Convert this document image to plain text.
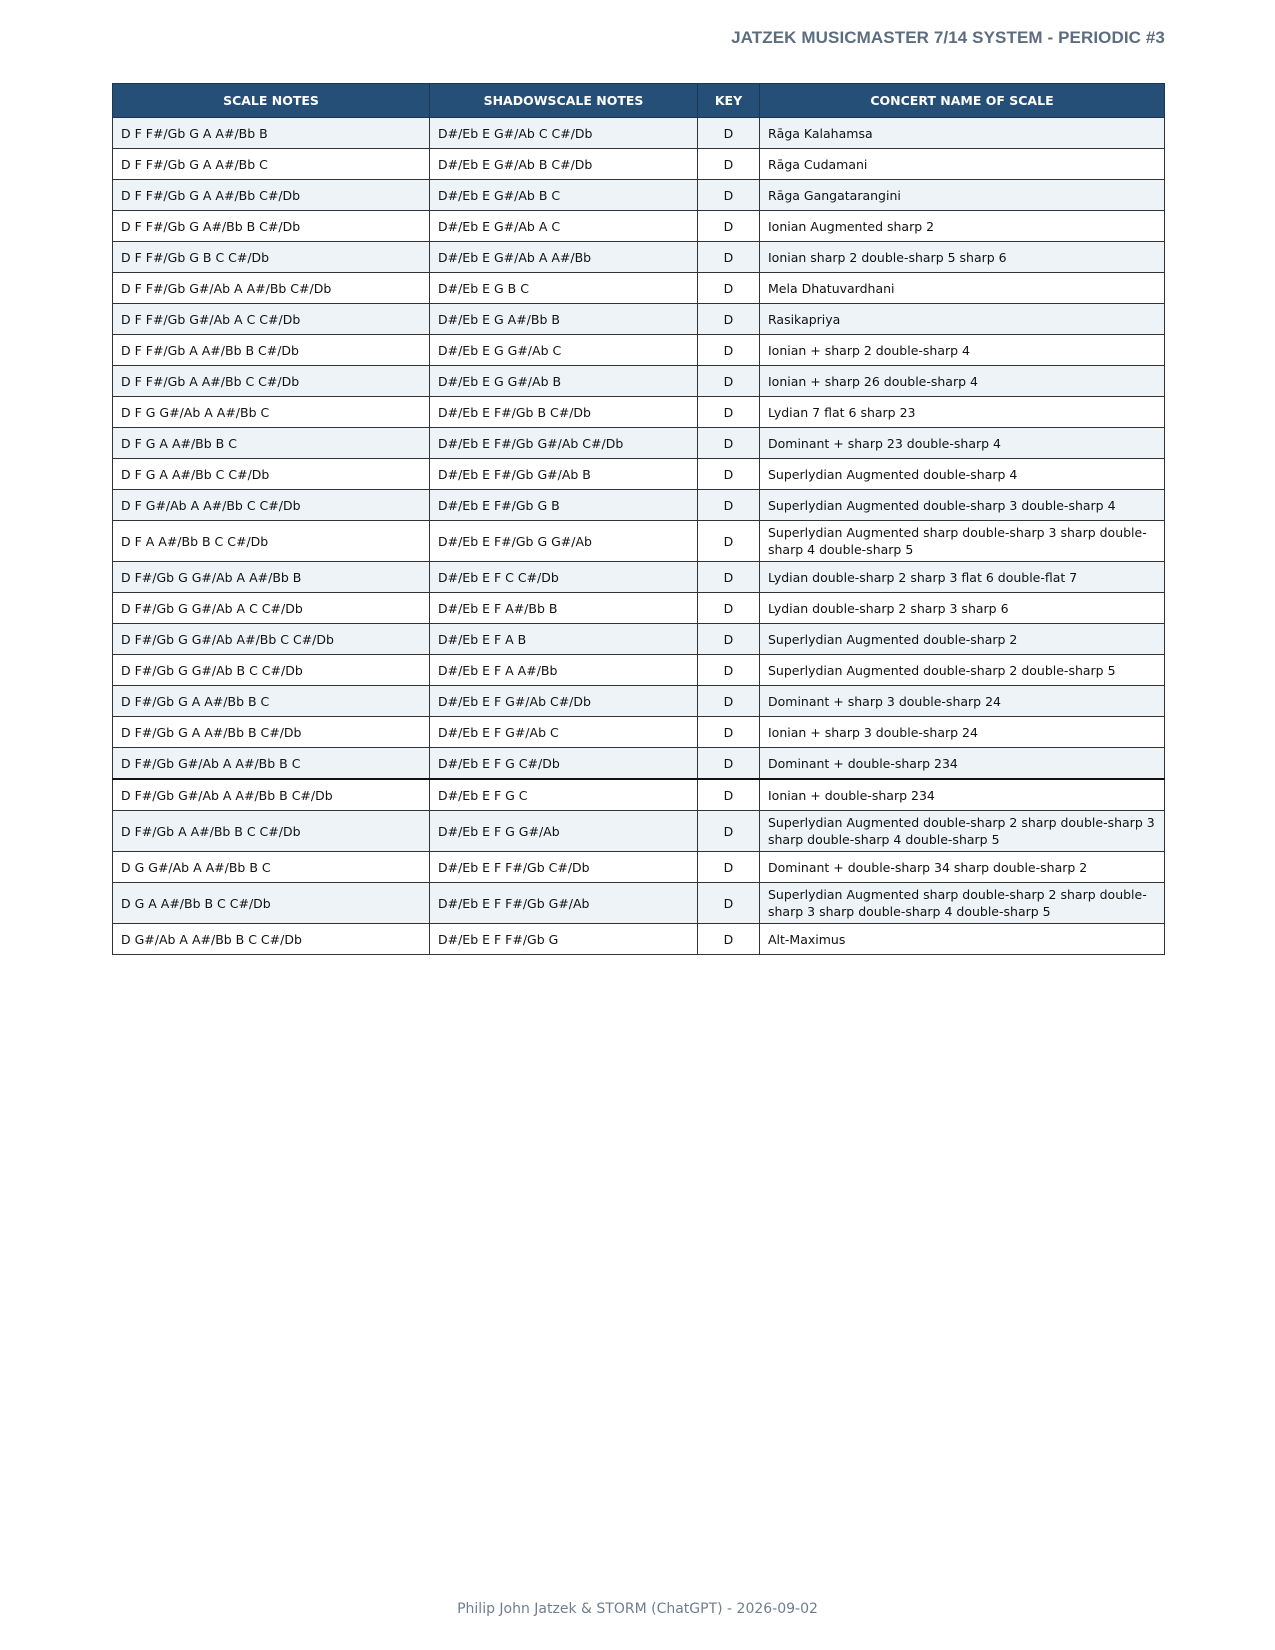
JATZEK MUSICMASTER 7/14 SYSTEM - PERIODIC #3
SCALE NOTES	SHADOWSCALE NOTES	KEY	CONCERT NAME OF SCALE
D F F#/Gb G A A#/Bb B	D#/Eb E G#/Ab C C#/Db	D	Rāga Kalahamsa
D F F#/Gb G A A#/Bb C	D#/Eb E G#/Ab B C#/Db	D	Rāga Cudamani
D F F#/Gb G A A#/Bb C#/Db	D#/Eb E G#/Ab B C	D	Rāga Gangatarangini
D F F#/Gb G A#/Bb B C#/Db	D#/Eb E G#/Ab A C	D	Ionian Augmented sharp 2
D F F#/Gb G B C C#/Db	D#/Eb E G#/Ab A A#/Bb	D	Ionian sharp 2 double-sharp 5 sharp 6
D F F#/Gb G#/Ab A A#/Bb C#/Db	D#/Eb E G B C	D	Mela Dhatuvardhani
D F F#/Gb G#/Ab A C C#/Db	D#/Eb E G A#/Bb B	D	Rasikapriya
D F F#/Gb A A#/Bb B C#/Db	D#/Eb E G G#/Ab C	D	Ionian + sharp 2 double-sharp 4
D F F#/Gb A A#/Bb C C#/Db	D#/Eb E G G#/Ab B	D	Ionian + sharp 26 double-sharp 4
D F G G#/Ab A A#/Bb C	D#/Eb E F#/Gb B C#/Db	D	Lydian 7 flat 6 sharp 23
D F G A A#/Bb B C	D#/Eb E F#/Gb G#/Ab C#/Db	D	Dominant + sharp 23 double-sharp 4
D F G A A#/Bb C C#/Db	D#/Eb E F#/Gb G#/Ab B	D	Superlydian Augmented double-sharp 4
D F G#/Ab A A#/Bb C C#/Db	D#/Eb E F#/Gb G B	D	Superlydian Augmented double-sharp 3 double-sharp 4
D F A A#/Bb B C C#/Db	D#/Eb E F#/Gb G G#/Ab	D	Superlydian Augmented sharp double-sharp 3 sharp double-sharp 4 double-sharp 5
D F#/Gb G G#/Ab A A#/Bb B	D#/Eb E F C C#/Db	D	Lydian double-sharp 2 sharp 3 flat 6 double-flat 7
D F#/Gb G G#/Ab A C C#/Db	D#/Eb E F A#/Bb B	D	Lydian double-sharp 2 sharp 3 sharp 6
D F#/Gb G G#/Ab A#/Bb C C#/Db	D#/Eb E F A B	D	Superlydian Augmented double-sharp 2
D F#/Gb G G#/Ab B C C#/Db	D#/Eb E F A A#/Bb	D	Superlydian Augmented double-sharp 2 double-sharp 5
D F#/Gb G A A#/Bb B C	D#/Eb E F G#/Ab C#/Db	D	Dominant + sharp 3 double-sharp 24
D F#/Gb G A A#/Bb B C#/Db	D#/Eb E F G#/Ab C	D	Ionian + sharp 3 double-sharp 24
D F#/Gb G#/Ab A A#/Bb B C	D#/Eb E F G C#/Db	D	Dominant + double-sharp 234
D F#/Gb G#/Ab A A#/Bb B C#/Db	D#/Eb E F G C	D	Ionian + double-sharp 234
D F#/Gb A A#/Bb B C C#/Db	D#/Eb E F G G#/Ab	D	Superlydian Augmented double-sharp 2 sharp double-sharp 3 sharp double-sharp 4 double-sharp 5
D G G#/Ab A A#/Bb B C	D#/Eb E F F#/Gb C#/Db	D	Dominant + double-sharp 34 sharp double-sharp 2
D G A A#/Bb B C C#/Db	D#/Eb E F F#/Gb G#/Ab	D	Superlydian Augmented sharp double-sharp 2 sharp double-sharp 3 sharp double-sharp 4 double-sharp 5
D G#/Ab A A#/Bb B C C#/Db	D#/Eb E F F#/Gb G	D	Alt-Maximus
Philip John Jatzek & STORM (ChatGPT) - 2026-09-02
